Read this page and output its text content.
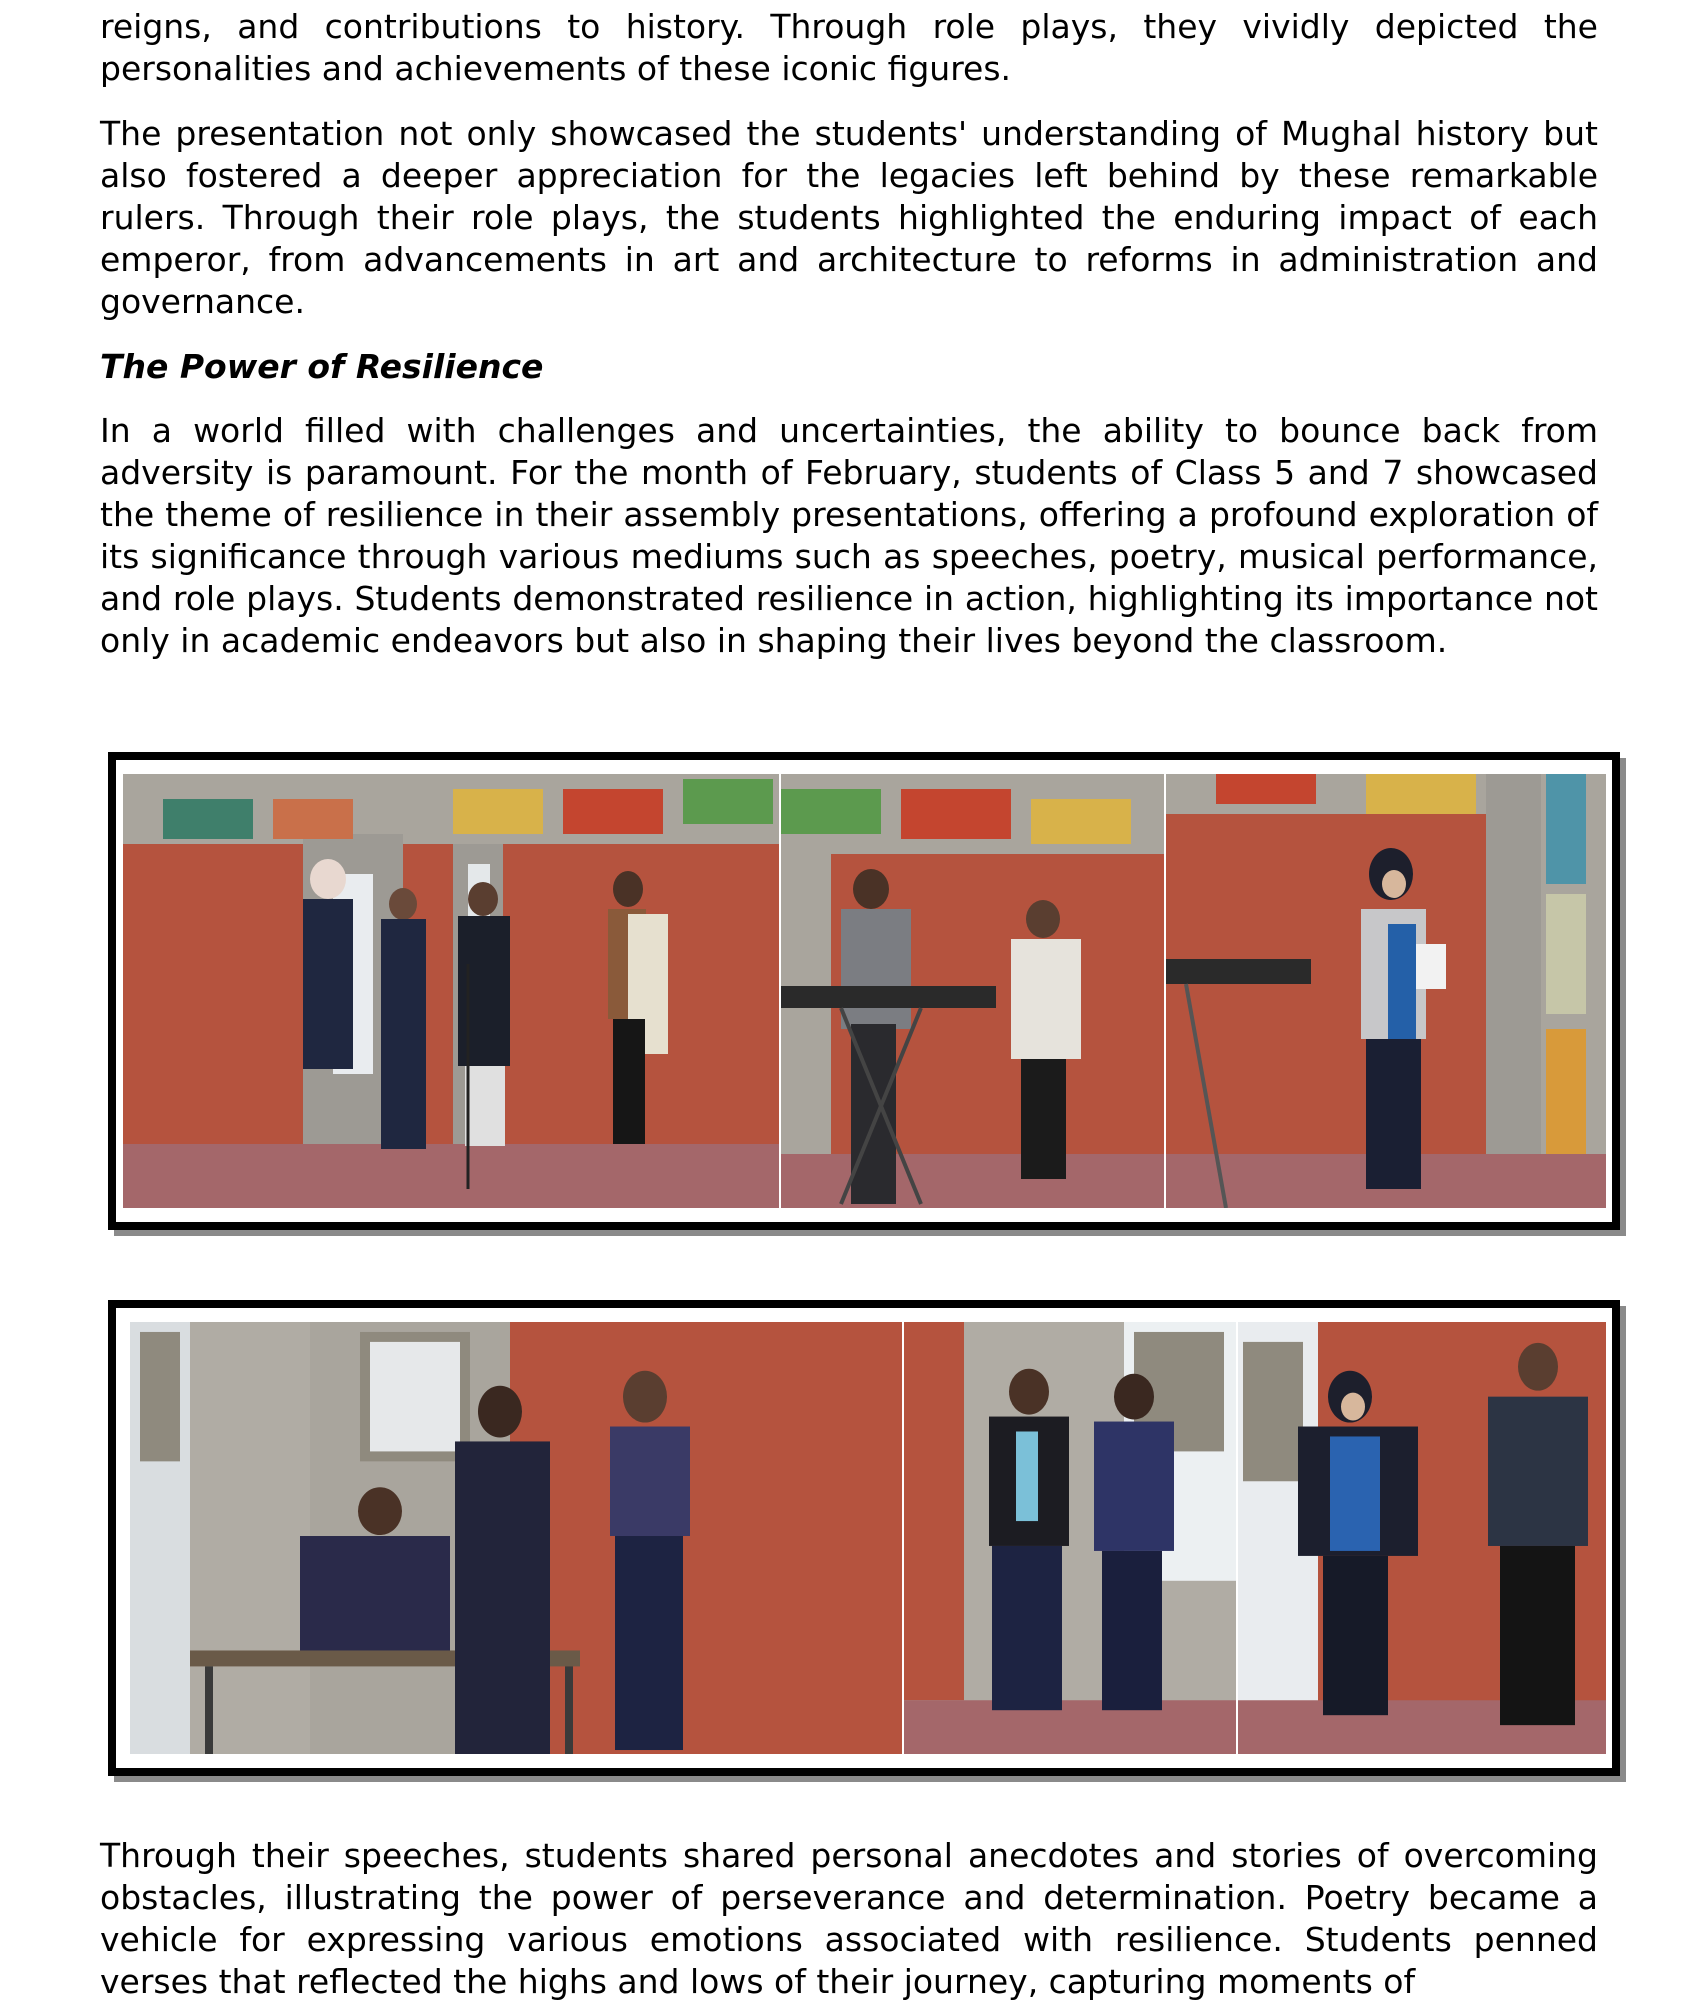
reigns, and contributions to history. Through role plays, they vividly depicted the personalities and achievements of these iconic figures.

The presentation not only showcased the students' understanding of Mughal history but also fostered a deeper appreciation for the legacies left behind by these remarkable rulers. Through their role plays, the students highlighted the enduring impact of each emperor, from advancements in art and architecture to reforms in administration and governance.

The Power of Resilience

In a world filled with challenges and uncertainties, the ability to bounce back from adversity is paramount. For the month of February, students of Class 5 and 7 showcased the theme of resilience in their assembly presentations, offering a profound exploration of its significance through various mediums such as speeches, poetry, musical performance, and role plays. Students demonstrated resilience in action, highlighting its importance not only in academic endeavors but also in shaping their lives beyond the classroom.

Through their speeches, students shared personal anecdotes and stories of overcoming obstacles, illustrating the power of perseverance and determination. Poetry became a vehicle for expressing various emotions associated with resilience. Students penned verses that reflected the highs and lows of their journey, capturing moments of
